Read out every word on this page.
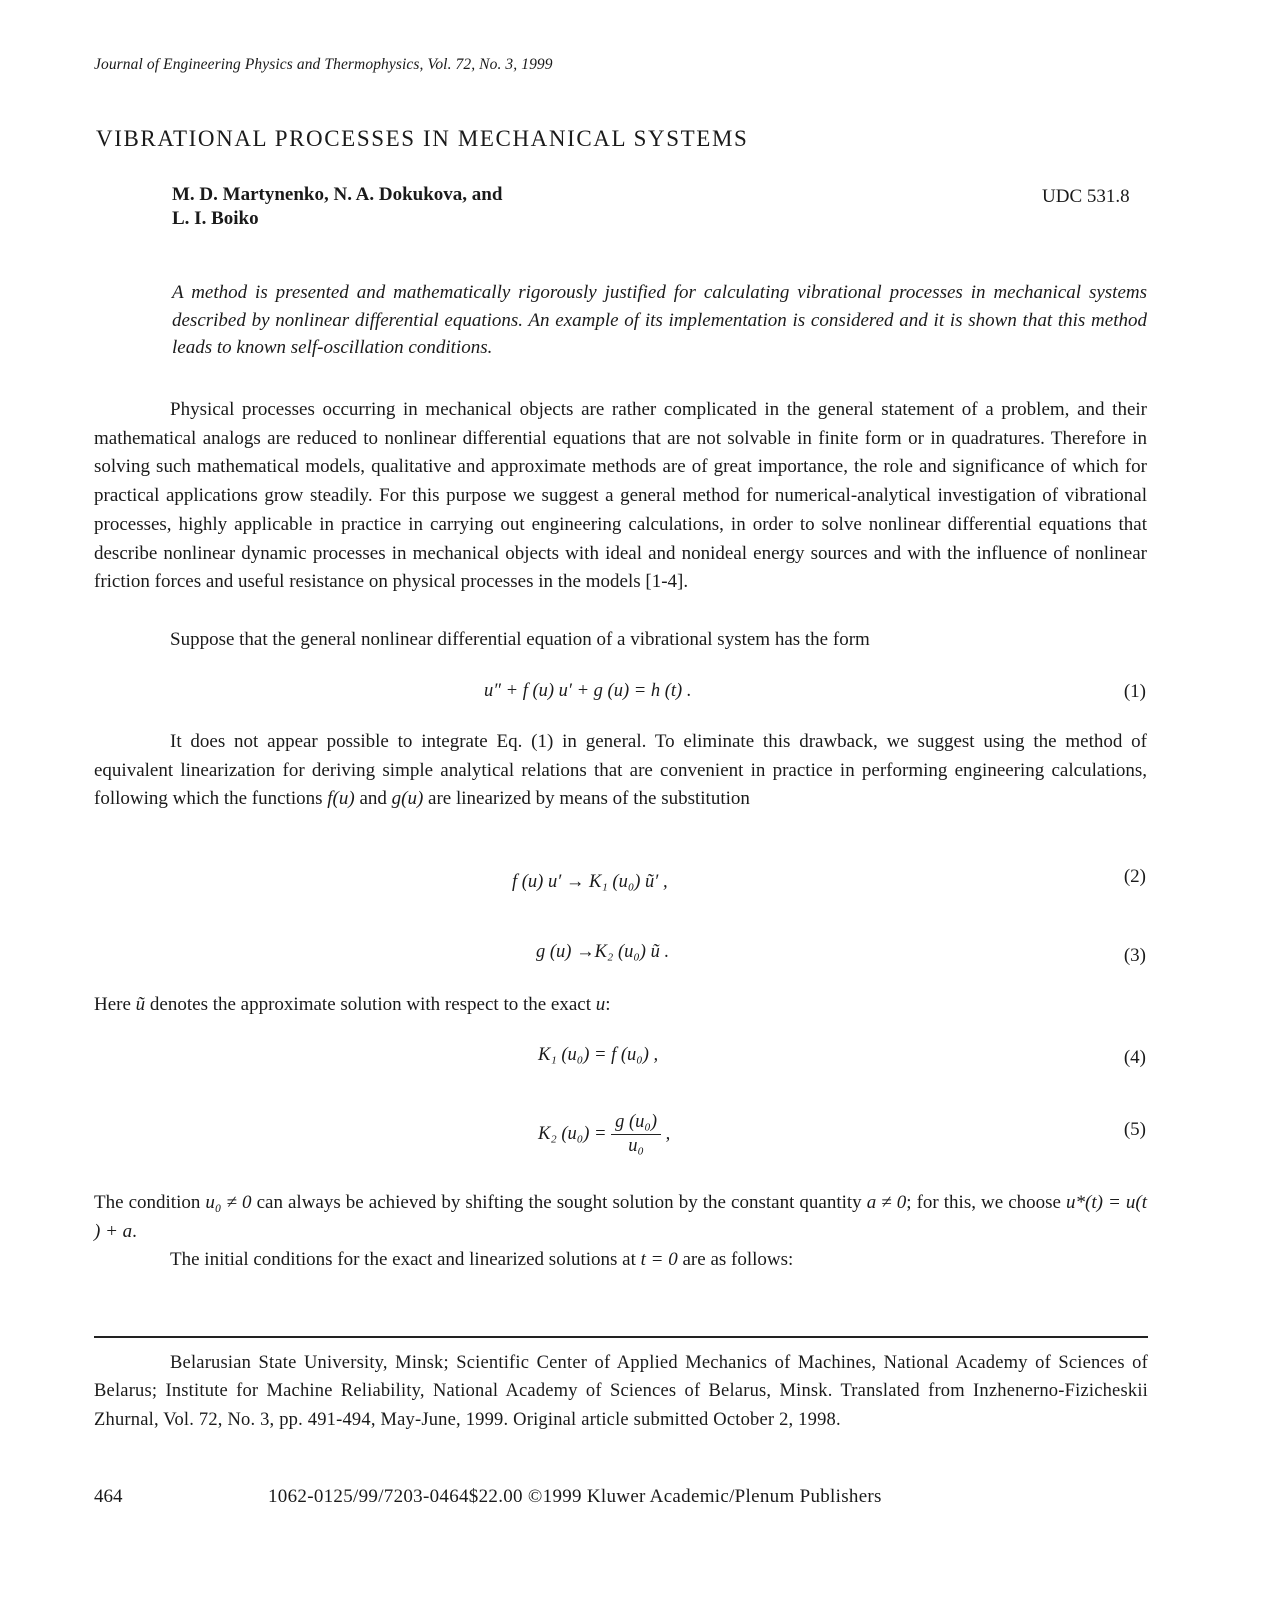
Journal of Engineering Physics and Thermophysics, Vol. 72, No. 3, 1999
VIBRATIONAL PROCESSES IN MECHANICAL SYSTEMS
M. D. Martynenko, N. A. Dokukova, and
L. I. Boiko
UDC 531.8

A method is presented and mathematically rigorously justified for calculating vibrational processes in mechanical systems described by nonlinear differential equations. An example of its implementation is considered and it is shown that this method leads to known self-oscillation conditions.

Physical processes occurring in mechanical objects are rather complicated in the general statement of a problem, and their mathematical analogs are reduced to nonlinear differential equations that are not solvable in finite form or in quadratures. Therefore in solving such mathematical models, qualitative and approximate methods are of great importance, the role and significance of which for practical applications grow steadily. For this purpose we suggest a general method for numerical-analytical investigation of vibrational processes, highly applicable in practice in carrying out engineering calculations, in order to solve nonlinear differential equations that describe nonlinear dynamic processes in mechanical objects with ideal and nonideal energy sources and with the influence of nonlinear friction forces and useful resistance on physical processes in the models [1-4].

Suppose that the general nonlinear differential equation of a vibrational system has the form

u″ + f (u) u′ + g (u) = h (t) .	(1)

It does not appear possible to integrate Eq. (1) in general. To eliminate this drawback, we suggest using the method of equivalent linearization for deriving simple analytical relations that are convenient in practice in performing engineering calculations, following which the functions f(u) and g(u) are linearized by means of the substitution

f (u) u′ → K₁ (u₀) ũ′ ,	(2)
g (u) →K₂ (u₀) ũ .	(3)

Here ũ denotes the approximate solution with respect to the exact u:

K₁ (u₀) = f (u₀) ,	(4)
K₂ $(u_0) = \frac{\text{g (u₀)}}{\text{u₀}}$ ,	(5)

The condition u₀ ≠ 0 can always be achieved by shifting the sought solution by the constant quantity a ≠ 0; for this, we choose u*(t) = u(t ) + a.

The initial conditions for the exact and linearized solutions at t = 0 are as follows:

Belarusian State University, Minsk; Scientific Center of Applied Mechanics of Machines, National Academy of Sciences of Belarus; Institute for Machine Reliability, National Academy of Sciences of Belarus, Minsk. Translated from Inzhenerno-Fizicheskii Zhurnal, Vol. 72, No. 3, pp. 491-494, May-June, 1999. Original article submitted October 2, 1998.

464	1062-0125/99/7203-0464$22.00 ©1999 Kluwer Academic/Plenum Publishers
